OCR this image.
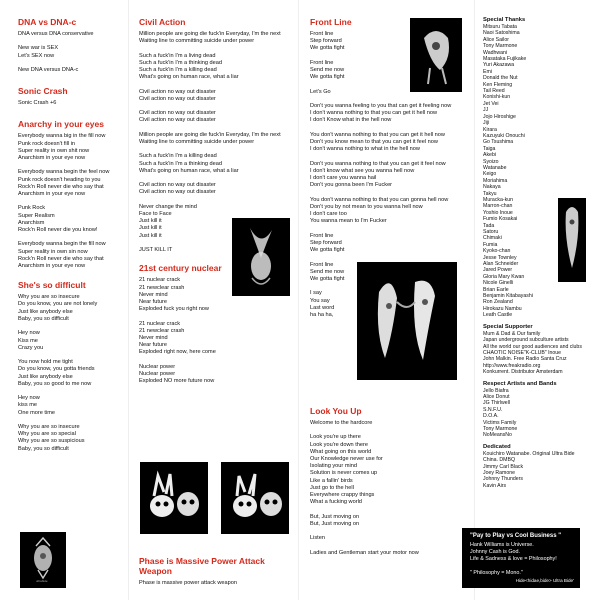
DNA vs DNA-c

DNA versus DNA conservative

New war is SEX
Let's SEX now

New DNA versus DNA-c

Sonic Crash

Sonic Crash +6

Anarchy in your eyes

Everybody wanna big in the fill now
Punk rock doesn't fill in
Super reality in own shit now
Anarchism in your eye now

Everybody wanna begin the feel now
Punk rock doesn't heading to you
Rock'n Roll never die who say that
Anarchism in your eye now

Punk Rock
Super Realism
Anarchism
Rock'n Roll never die you know!

Everybody wanna begin the fill now
Super reality in own sin now
Rock'n Roll never die who say that
Anarchism in your eye now

She's so difficult

Why you are so insecure
Do you know, you are not lonely
Just like anybody else
Baby, you so difficult

Hey now
Kiss me
Crazy you

You now hold me tight
Do you know, you gotta friends
Just like anybody else
Baby, you so good to me now

Hey now
kiss me
One more time

Why you are so insecure
Why you are so special
Why you are so suspicious
Baby, you so difficult

ultrabide

Civil Action

Million people are going die fuck'in Everyday, I'm the next
Waiting line to committing suicide under power

Such a fuck'in I'm a living dead
Such a fuck'in I'm a thinking dead
Such a fuck'in I'm a killing dead
What's going on human race, what a liar

Civil action no way out disaster
Civil action no way out disaster

Civil action no way out disaster
Civil action no way out disaster

Million people are going die fuck'in Everyday, I'm the next
Waiting line to committing suicide under power

Such a fuck'in I'm a killing dead
Such a fuck'in I'm a thinking dead
What's going on human race, what a liar

Civil action no way out disaster
Civil action no way out disaster

Never change the mind
Face to Face
Just kill it
Just kill it
Just kill it

JUST KILL IT

21st century nuclear

21 nuclear crack
21 newclear crash
Never mind
Near future
Exploded fuck you right now

21 nuclear crack
21 newclear crash
Never mind
Near future
Exploded right now, here come

Nuclear power
Nuclear power
Exploded NO more future now

Phase is Massive Power Attack Weapon

Phase is massive power attack weapon

Front Line

Front line
Step forward
We gotta fight

Front line
Send me now
We gotta fight

Let's Go

Don't you wanna feeling to you that can get it feeling now
I don't wanna nothing to that you can get it hell now
I don't Know what in the hell now

You don't wanna nothing to that you can get it hell now
Don't you know mean to that you can get it feel now
I don't wanna nothing to what in the hell now

Don't you wanna nothing to that you can get it feel now
I don't know what see you wanna hell now
I don't care you wanna hail
Don't you gonna been I'm Fucker

You don't wanna nothing to that you can gonna hell now
Don't you by not mean to you wanna hell now
I don't care too
You wanna mean to I'm Fucker

Front line
Step forward
We gotta fight

Front line
Send me now
We gotta fight

I say
You say
Last word
ha ha ha,

Look You Up

Welcome to the hardcore

Look you're up there
Look you're down there
What going on this world
Our Knowledge never use for
Isolating your mind
Solution is never comes up
Like a fallin' birds
Just go to the hell
Everywhere crappy things
What a fucking world

But, Just moving on
But, Just moving on

Listen

Ladies and Gentleman start your motor now

Special Thanks

Mitsuru Tabata
Naoi Satoshima
Alice Sailor
Tony Marmone
Wadhwani
Masataka Fujikake
Yuri Akazawa
Emi
Donald the Nut
Ken Fleming
Tail Reed
Konishi-kun
Jet Vei
JJ
Jojo Hiroshige
Jiji
Kirara
Kazuyuki Onouchi
Go Tsushima
Taiga
Akebi
Syoizo
Watanabe
Keigo
Moriahima
Nakaya
Takyu
Muracka-kun
Marron-chan
Yoshio Inoue
Fumio Kosakai
Tada
Satoru
Chimaki
Fumia
Kyoko-chan
Jesse Townley
Alan Schneider
Jared Power
Gloria Mary Kwan
Nicole Ginelli
Brian Earle
Benjamin Kitabayashi
Ron Zealand
Hirokazu Nambu
Leath Castle

Special Supporter

Mum & Dad & Our family
Japan underground subculture artists
All the world our good audiences and clubs
CHAOTIC NOISE"K-CLUB" Inoue
John Malkin. Free Radio Santa Cruz
http://www.freakradio.org
Konkurrent. Distributor Amsterdam

Respect Artists and Bands

Jello Biafra
Alice Donut
JG Thirlwell
S.N.F.U.
D.O.A.
Victims Family
Tony Marmone
NoMeansNo

Dedicated

Kouichiro Watanabe. Original Ultra Bide
China. DMBQ
Jimmy Carl Black
Joey Ramone
Johnny Thunders
Kavin Airs

"Pay to Play vs Cool Business "

Hank Williams is Universe.
Johnny Cash is God.
Life & Sadness & love = Philosophy!

" Philosophy = Mono."

Hide<hidae,bide> Ultra Bide'
